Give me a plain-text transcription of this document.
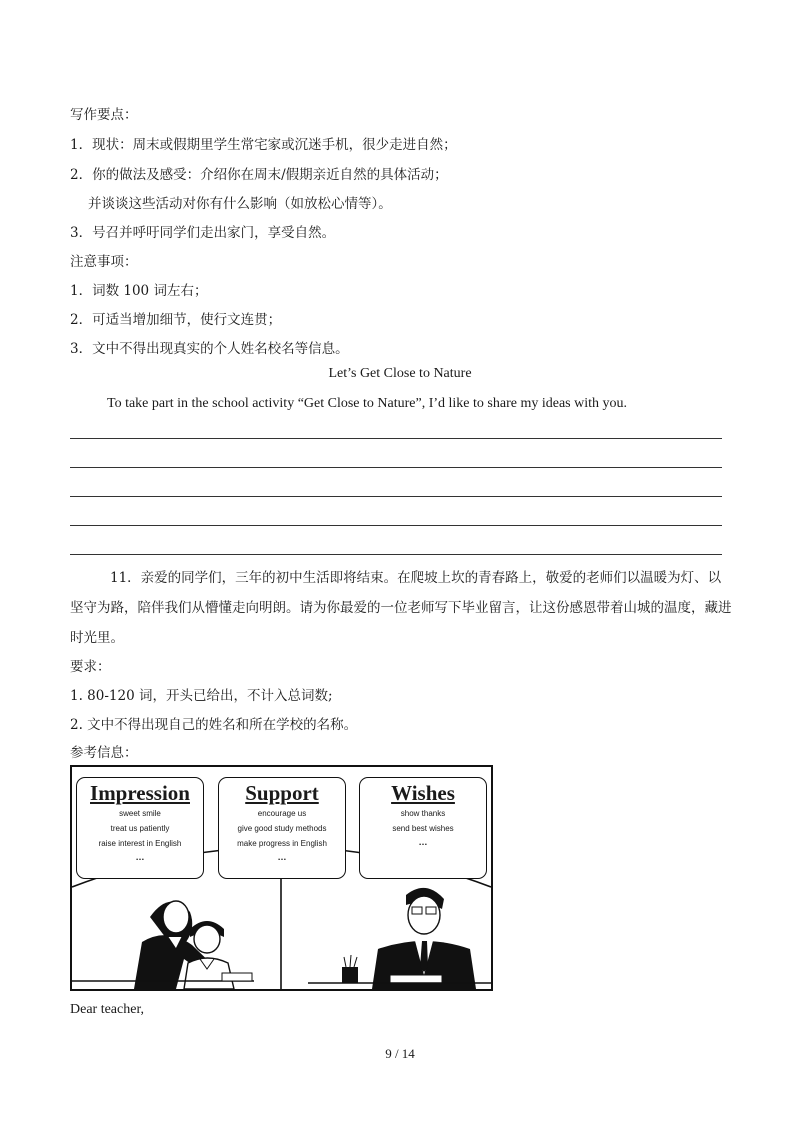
写作要点：
1．现状：周末或假期里学生常宅家或沉迷手机，很少走进自然；
2．你的做法及感受：介绍你在周末/假期亲近自然的具体活动；
并谈谈这些活动对你有什么影响（如放松心情等）。
3．号召并呼吁同学们走出家门，享受自然。
注意事项：
1．词数 100 词左右；
2．可适当增加细节，使行文连贯；
3．文中不得出现真实的个人姓名校名等信息。
Let’s Get Close to Nature
To take part in the school activity “Get Close to Nature”, I’d like to share my ideas with you.
11．亲爱的同学们，三年的初中生活即将结束。在爬坡上坎的青春路上，敬爱的老师们以温暖为灯、以坚守为路，陪伴我们从懵懂走向明朗。请为你最爱的一位老师写下毕业留言，让这份感恩带着山城的温度，藏进时光里。
要求：
1. 80-120 词，开头已给出，不计入总词数;
2. 文中不得出现自己的姓名和所在学校的名称。
参考信息：
Impression
sweet smile
treat us patiently
raise interest in English
…
Support
encourage us
give good study methods
make progress in English
…
Wishes
show thanks
send best wishes
…
Dear teacher,
9 / 14
